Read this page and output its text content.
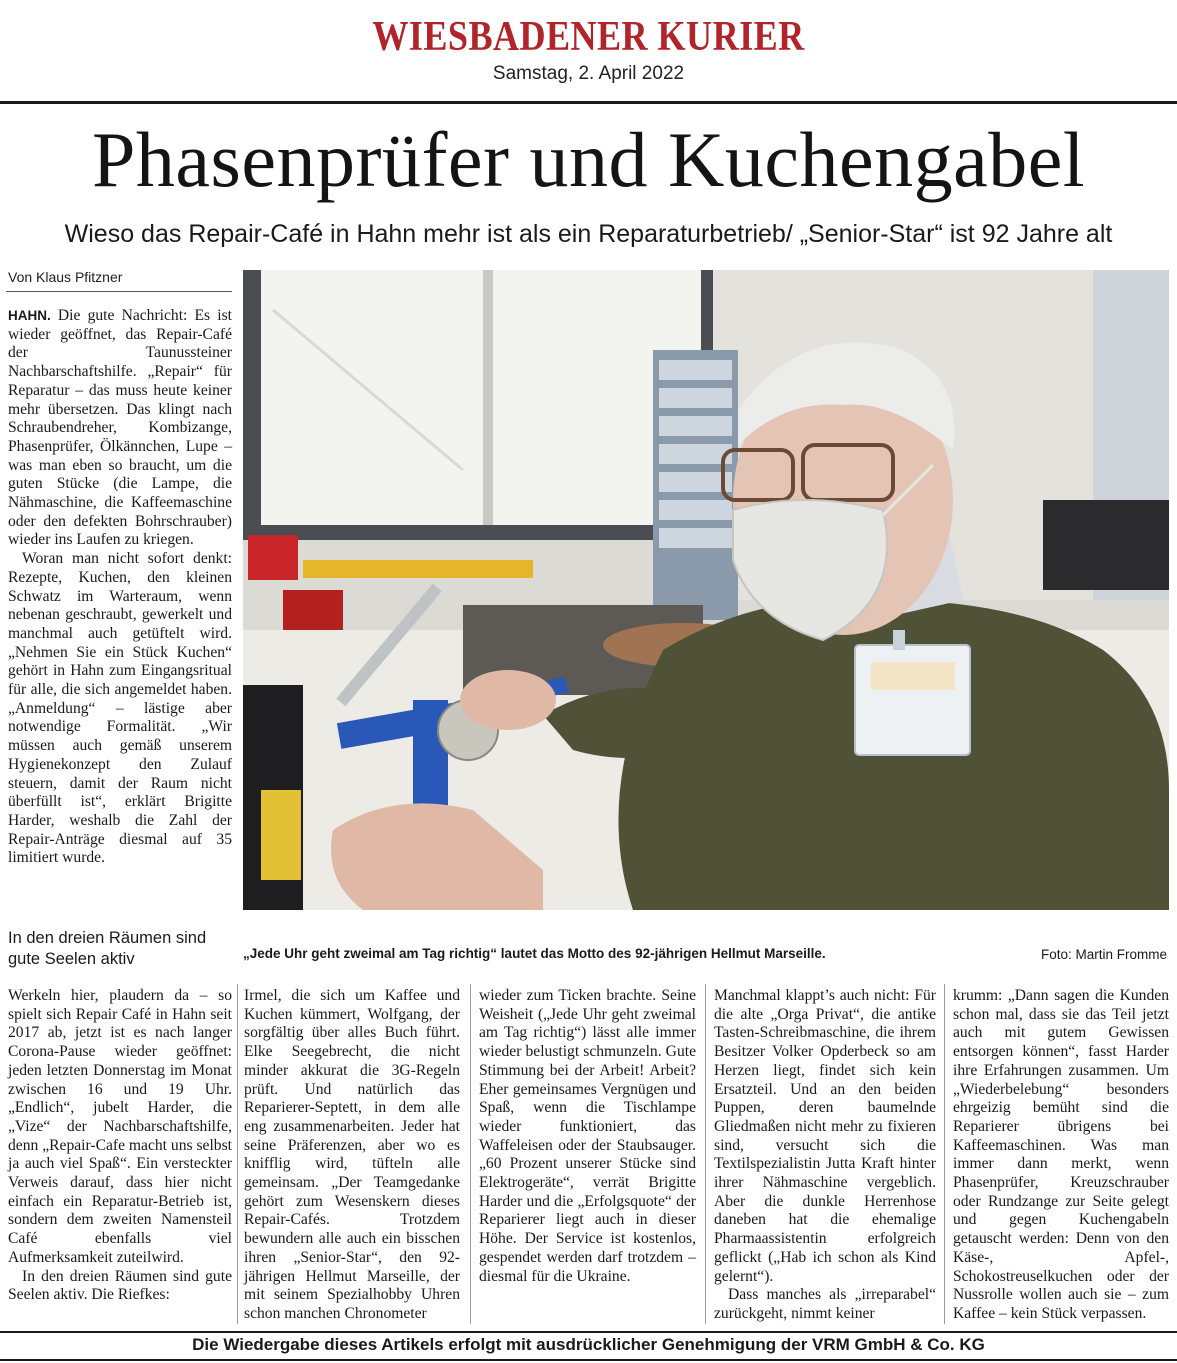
WIESBADENER KURIER
Samstag, 2. April 2022
Phasenprüfer und Kuchengabel
Wieso das Repair-Café in Hahn mehr ist als ein Reparaturbetrieb/ „Senior-Star“ ist 92 Jahre alt
Von Klaus Pfitzner

HAHN. Die gute Nachricht: Es ist wieder geöffnet, das Repair-Café der Taunussteiner Nachbarschaftshilfe. „Repair“ für Reparatur – das muss heute keiner mehr übersetzen. Das klingt nach Schraubendreher, Kombizange, Phasenprüfer, Ölkännchen, Lupe – was man eben so braucht, um die guten Stücke (die Lampe, die Nähmaschine, die Kaffeemaschine oder den defekten Bohrschrauber) wieder ins Laufen zu kriegen.

Woran man nicht sofort denkt: Rezepte, Kuchen, den kleinen Schwatz im Warteraum, wenn nebenan geschraubt, gewerkelt und manchmal auch getüftelt wird. „Nehmen Sie ein Stück Kuchen“ gehört in Hahn zum Eingangsritual für alle, die sich angemeldet haben. „Anmeldung“ – lästige aber notwendige Formalität. „Wir müssen auch gemäß unserem Hygienekonzept den Zulauf steuern, damit der Raum nicht überfüllt ist“, erklärt Brigitte Harder, weshalb die Zahl der Repair-Anträge diesmal auf 35 limitiert wurde.

In den dreien Räumen sind gute Seelen aktiv	„Jede Uhr geht zweimal am Tag richtig“ lautet das Motto des 92-jährigen Hellmut Marseille.	Foto: Martin Fromme

Werkeln hier, plaudern da – so spielt sich Repair Café in Hahn seit 2017 ab, jetzt ist es nach langer Corona-Pause wieder geöffnet: jeden letzten Donnerstag im Monat zwischen 16 und 19 Uhr. „Endlich“, jubelt Harder, die „Vize“ der Nachbarschaftshilfe, denn „Repair-Cafe macht uns selbst ja auch viel Spaß“. Ein versteckter Verweis darauf, dass hier nicht einfach ein Reparatur-Betrieb ist, sondern dem zweiten Namensteil Café ebenfalls viel Aufmerksamkeit zuteilwird.

In den dreien Räumen sind gute Seelen aktiv. Die Riefkes:

Irmel, die sich um Kaffee und Kuchen kümmert, Wolfgang, der sorgfältig über alles Buch führt. Elke Seegebrecht, die nicht minder akkurat die 3G-Regeln prüft. Und natürlich das Reparierer-Septett, in dem alle eng zusammenarbeiten. Jeder hat seine Präferenzen, aber wo es knifflig wird, tüfteln alle gemeinsam. „Der Teamgedanke gehört zum Wesenskern dieses Repair-Cafés. Trotzdem bewundern alle auch ein bisschen ihren „Senior-Star“, den 92-jährigen Hellmut Marseille, der mit seinem Spezialhobby Uhren schon manchen Chronometer

wieder zum Ticken brachte. Seine Weisheit („Jede Uhr geht zweimal am Tag richtig“) lässt alle immer wieder belustigt schmunzeln. Gute Stimmung bei der Arbeit! Arbeit? Eher gemeinsames Vergnügen und Spaß, wenn die Tischlampe wieder funktioniert, das Waffeleisen oder der Staubsauger. „60 Prozent unserer Stücke sind Elektrogeräte“, verrät Brigitte Harder und die „Erfolgsquote“ der Reparierer liegt auch in dieser Höhe. Der Service ist kostenlos, gespendet werden darf trotzdem – diesmal für die Ukraine.

Manchmal klappt’s auch nicht: Für die alte „Orga Privat“, die antike Tasten-Schreibmaschine, die ihrem Besitzer Volker Opderbeck so am Herzen liegt, findet sich kein Ersatzteil. Und an den beiden Puppen, deren baumelnde Gliedmaßen nicht mehr zu fixieren sind, versucht sich die Textilspezialistin Jutta Kraft hinter ihrer Nähmaschine vergeblich. Aber die dunkle Herrenhose daneben hat die ehemalige Pharmaassistentin erfolgreich geflickt („Hab ich schon als Kind gelernt“).

Dass manches als „irreparabel“ zurückgeht, nimmt keiner

krumm: „Dann sagen die Kunden schon mal, dass sie das Teil jetzt auch mit gutem Gewissen entsorgen können“, fasst Harder ihre Erfahrungen zusammen. Um „Wiederbelebung“ besonders ehrgeizig bemüht sind die Reparierer übrigens bei Kaffeemaschinen. Was man immer dann merkt, wenn Phasenprüfer, Kreuzschrauber oder Rundzange zur Seite gelegt und gegen Kuchengabeln getauscht werden: Denn von den Käse-, Apfel-, Schokostreuselkuchen oder der Nussrolle wollen auch sie – zum Kaffee – kein Stück verpassen.

Die Wiedergabe dieses Artikels erfolgt mit ausdrücklicher Genehmigung der VRM GmbH & Co. KG
